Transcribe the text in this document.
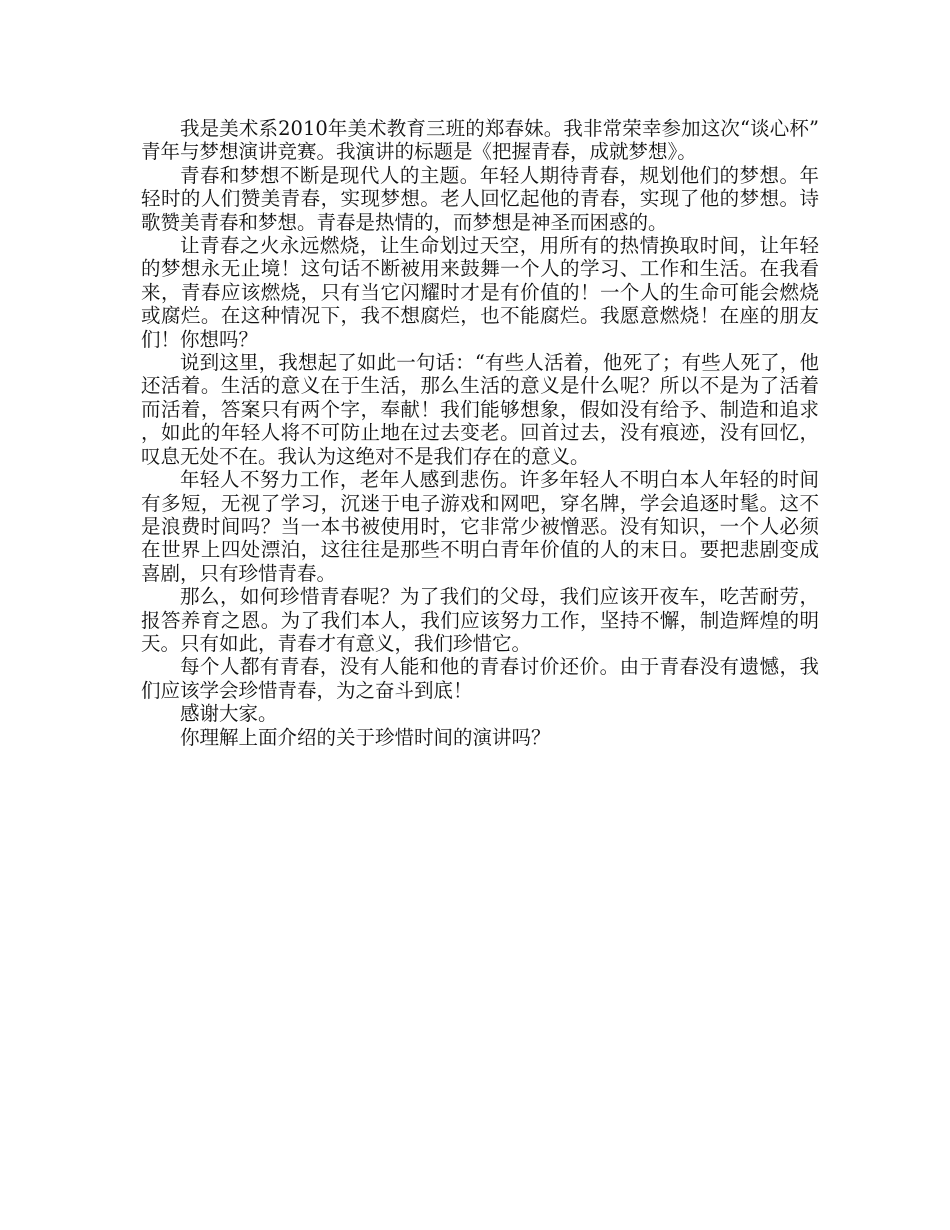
我是美术系2010年美术教育三班的郑春妹。我非常荣幸参加这次“谈心杯”青年与梦想演讲竞赛。我演讲的标题是《把握青春，成就梦想》。

青春和梦想不断是现代人的主题。年轻人期待青春，规划他们的梦想。年轻时的人们赞美青春，实现梦想。老人回忆起他的青春，实现了他的梦想。诗歌赞美青春和梦想。青春是热情的，而梦想是神圣而困惑的。

让青春之火永远燃烧，让生命划过天空，用所有的热情换取时间，让年轻的梦想永无止境！这句话不断被用来鼓舞一个人的学习、工作和生活。在我看来，青春应该燃烧，只有当它闪耀时才是有价值的！一个人的生命可能会燃烧或腐烂。在这种情况下，我不想腐烂，也不能腐烂。我愿意燃烧！在座的朋友们！你想吗？

说到这里，我想起了如此一句话：“有些人活着，他死了；有些人死了，他还活着。生活的意义在于生活，那么生活的意义是什么呢？所以不是为了活着而活着，答案只有两个字，奉献！我们能够想象，假如没有给予、制造和追求，如此的年轻人将不可防止地在过去变老。回首过去，没有痕迹，没有回忆，叹息无处不在。我认为这绝对不是我们存在的意义。

年轻人不努力工作，老年人感到悲伤。许多年轻人不明白本人年轻的时间有多短，无视了学习，沉迷于电子游戏和网吧，穿名牌，学会追逐时髦。这不是浪费时间吗？当一本书被使用时，它非常少被憎恶。没有知识，一个人必须在世界上四处漂泊，这往往是那些不明白青年价值的人的末日。要把悲剧变成喜剧，只有珍惜青春。

那么，如何珍惜青春呢？为了我们的父母，我们应该开夜车，吃苦耐劳，报答养育之恩。为了我们本人，我们应该努力工作，坚持不懈，制造辉煌的明天。只有如此，青春才有意义，我们珍惜它。

每个人都有青春，没有人能和他的青春讨价还价。由于青春没有遗憾，我们应该学会珍惜青春，为之奋斗到底！

感谢大家。

你理解上面介绍的关于珍惜时间的演讲吗？
